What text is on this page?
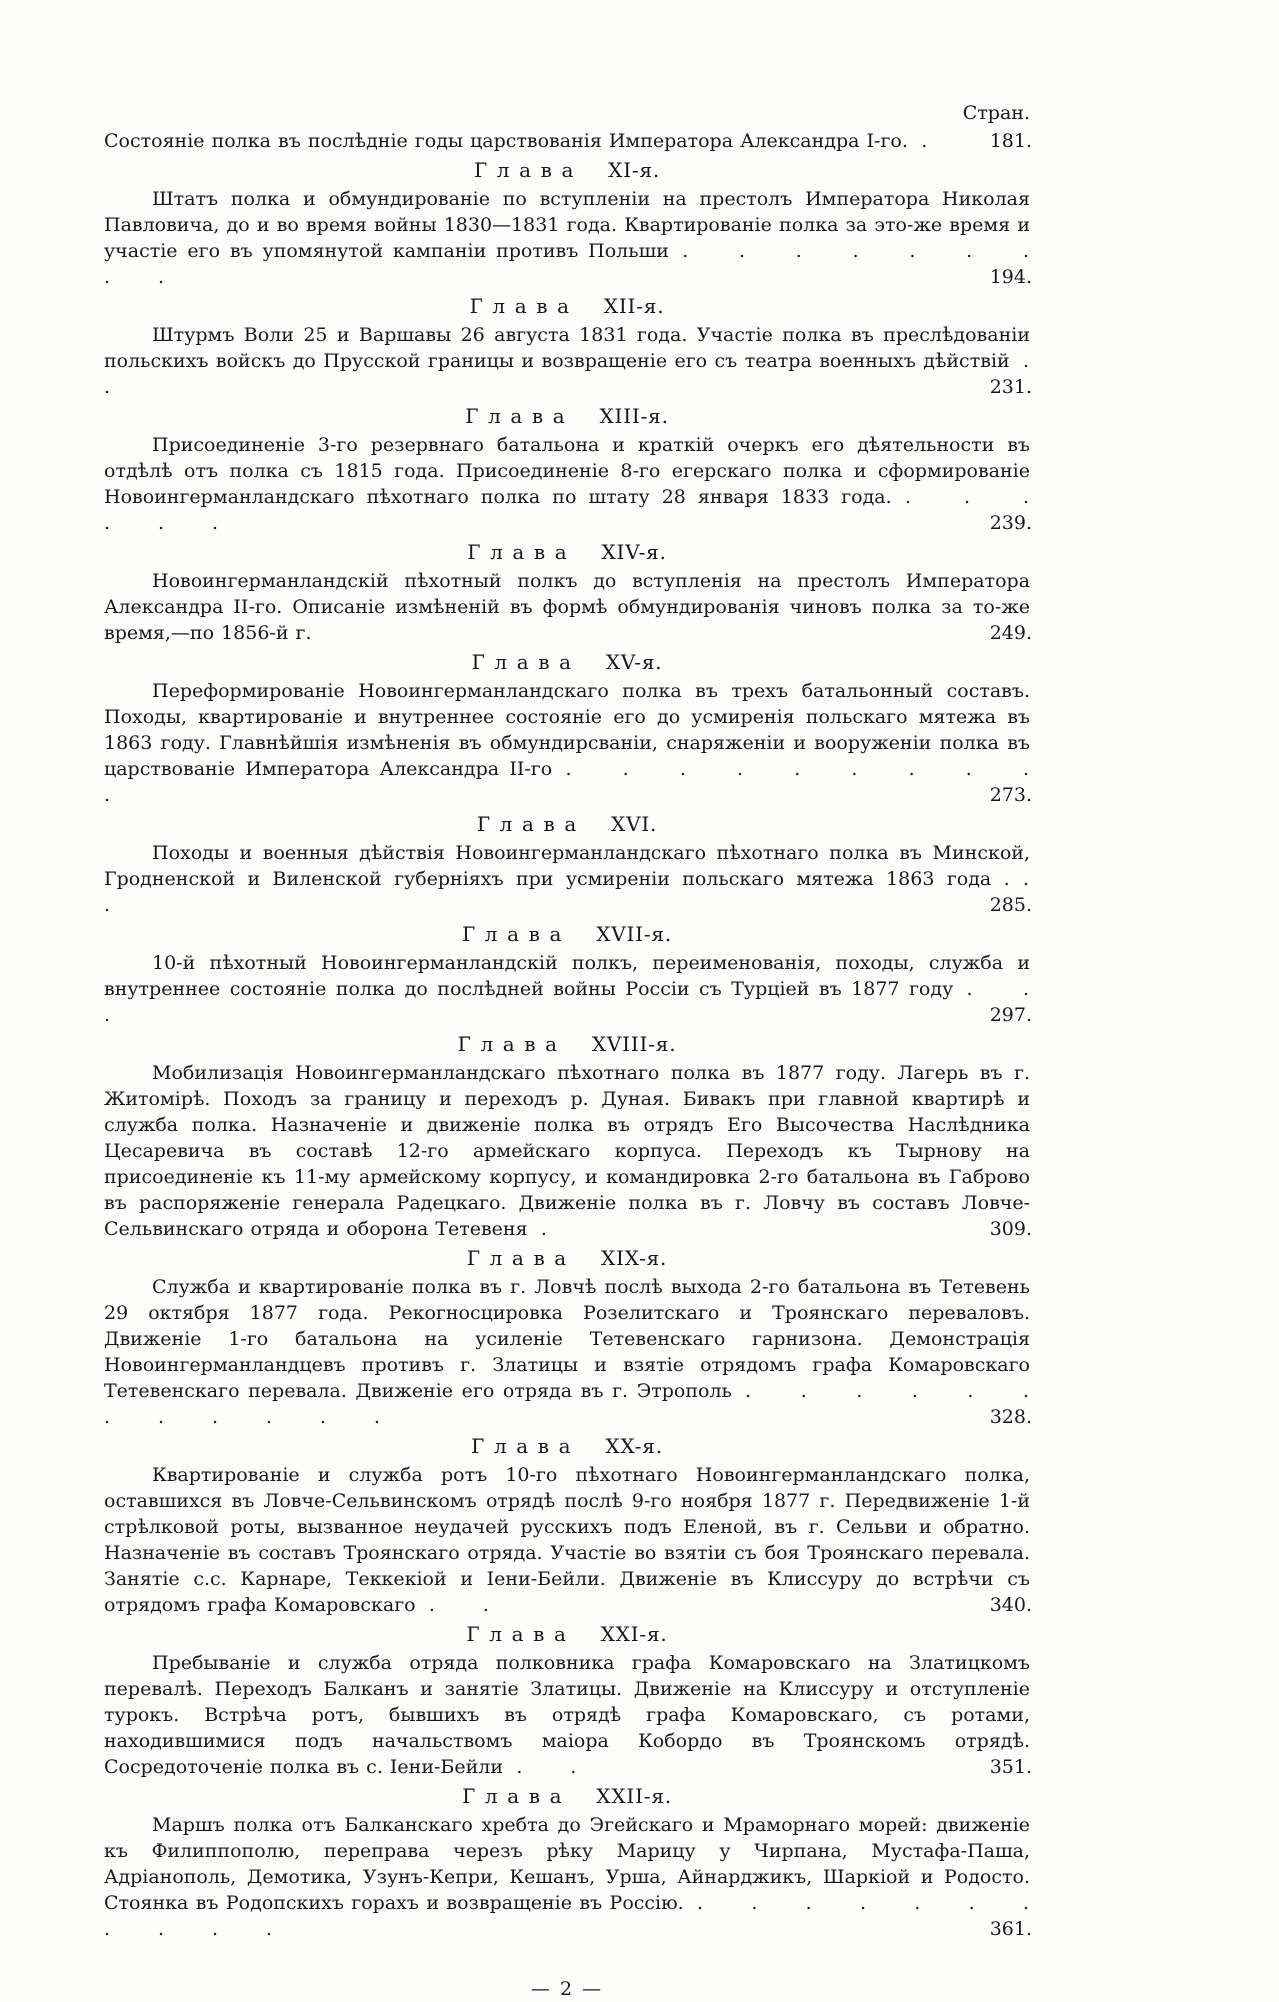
Стран.

Состояніе полка въ послѣдніе годы царствованія Императора Александра I-го. .	181.

Глава XI-я.

Штатъ полка и обмундированіе по вступленіи на престолъ Императора Николая Павловича, до и во время войны 1830—1831 года. Квартированіе полка за это-же время и участіе его въ упомянутой кампаніи противъ Польши . . . . . . . . .	194.

Глава XII-я.

Штурмъ Воли 25 и Варшавы 26 августа 1831 года. Участіе полка въ преслѣдованіи польскихъ войскъ до Прусской границы и возвращеніе его съ театра военныхъ дѣйствій . .	231.

Глава XIII-я.

Присоединеніе 3-го резервнаго батальона и краткій очеркъ его дѣятельности въ отдѣлѣ отъ полка съ 1815 года. Присоединеніе 8-го егерскаго полка и сформированіе Новоингерманландскаго пѣхотнаго полка по штату 28 января 1833 года. . . . . . .	239.

Глава XIV-я.

Новоингерманландскій пѣхотный полкъ до вступленія на престолъ Императора Александра II-го. Описаніе измѣненій въ формѣ обмундированія чиновъ полка за то-же время,—по 1856-й г.	249.

Глава XV-я.

Переформированіе Новоингерманландскаго полка въ трехъ батальонный составъ. Походы, квартированіе и внутреннее состояніе его до усмиренія польскаго мятежа въ 1863 году. Главнѣйшія измѣненія въ обмундирсваніи, снаряженіи и вооруженіи полка въ царствованіе Императора Александра II-го . . . . . . . . . .	273.

Глава XVI.

Походы и военныя дѣйствія Новоингерманландскаго пѣхотнаго полка въ Минской, Гродненской и Виленской губерніяхъ при усмиреніи польскаго мятежа 1863 года . . .	285.

Глава XVII-я.

10-й пѣхотный Новоингерманландскій полкъ, переименованія, походы, служба и внутреннее состояніе полка до послѣдней войны Россіи съ Турціей въ 1877 году . . .	297.

Глава XVIII-я.

Мобилизація Новоингерманландскаго пѣхотнаго полка въ 1877 году. Лагерь въ г. Житомірѣ. Походъ за границу и переходъ р. Дуная. Бивакъ при главной квартирѣ и служба полка. Назначеніе и движеніе полка въ отрядъ Его Высочества Наслѣдника Цесаревича въ составѣ 12-го армейскаго корпуса. Переходъ къ Тырнову на присоединеніе къ 11-му армейскому корпусу, и командировка 2-го батальона въ Габрово въ распоряженіе генерала Радецкаго. Движеніе полка въ г. Ловчу въ составъ Ловче-Сельвинскаго отряда и оборона Тетевеня .	309.

Глава XIX-я.

Служба и квартированіе полка въ г. Ловчѣ послѣ выхода 2-го батальона въ Тетевень 29 октября 1877 года. Рекогносцировка Розелитскаго и Троянскаго переваловъ. Движеніе 1-го батальона на усиленіе Тетевенскаго гарнизона. Демонстрація Новоингерманландцевъ противъ г. Златицы и взятіе отрядомъ графа Комаровскаго Тетевенскаго перевала. Движеніе его отряда въ г. Этрополь . . . . . . . . . . . .	328.

Глава XX-я.

Квартированіе и служба ротъ 10-го пѣхотнаго Новоингерманландскаго полка, оставшихся въ Ловче-Сельвинскомъ отрядѣ послѣ 9-го ноября 1877 г. Передвиженіе 1-й стрѣлковой роты, вызванное неудачей русскихъ подъ Еленой, въ г. Сельви и обратно. Назначеніе въ составъ Троянскаго отряда. Участіе во взятіи съ боя Троянскаго перевала. Занятіе с.с. Карнаре, Теккекіой и Іени-Бейли. Движеніе въ Клиссуру до встрѣчи съ отрядомъ графа Комаровскаго . .	340.

Глава XXI-я.

Пребываніе и служба отряда полковника графа Комаровскаго на Златицкомъ перевалѣ. Переходъ Балканъ и занятіе Златицы. Движеніе на Клиссуру и отступленіе турокъ. Встрѣча ротъ, бывшихъ въ отрядѣ графа Комаровскаго, съ ротами, находившимися подъ начальствомъ маіора Кобордо въ Троянскомъ отрядѣ. Сосредоточеніе полка въ с. Іени-Бейли . .	351.

Глава XXII-я.

Маршъ полка отъ Балканскаго хребта до Эгейскаго и Мраморнаго морей: движеніе къ Филиппополю, переправа черезъ рѣку Марицу у Чирпана, Мустафа-Паша, Адріанополь, Демотика, Узунъ-Кепри, Кешанъ, Урша, Айнарджикъ, Шаркіой и Родосто. Стоянка въ Родопскихъ горахъ и возвращеніе въ Россію. . . . . . . . . . . .	361.

— 2 —
